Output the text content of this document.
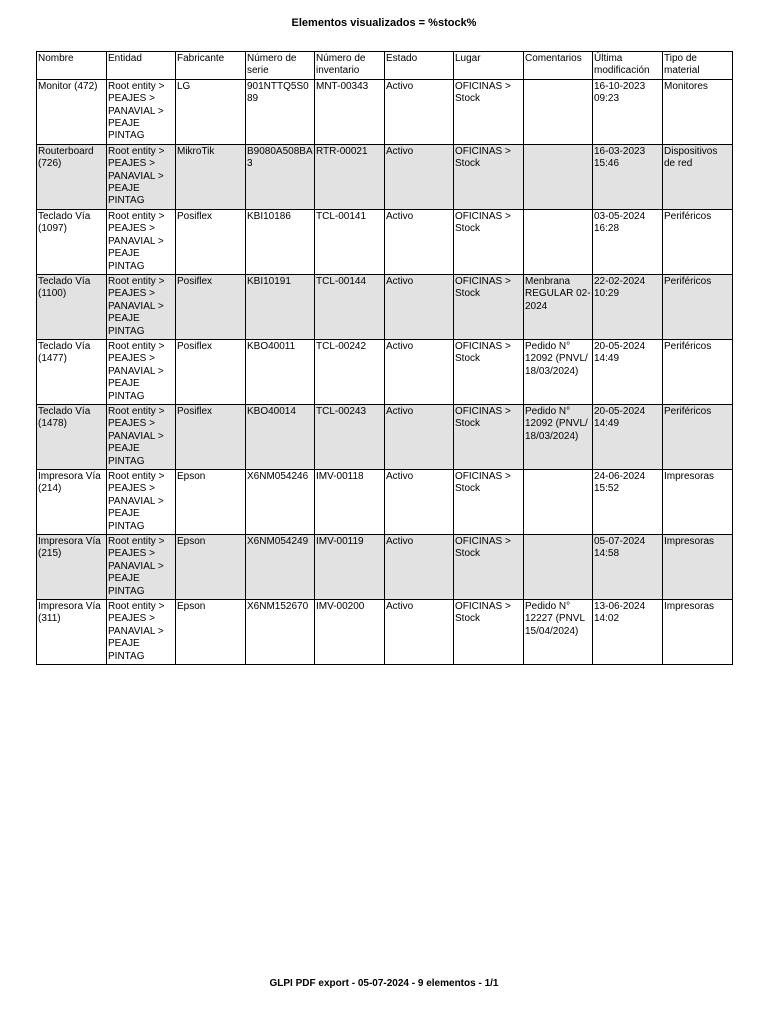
Elementos visualizados = %stock%
Nombre	Entidad	Fabricante	Número de serie	Número de inventario	Estado	Lugar	Comentarios	Última modificación	Tipo de material
Monitor (472)	Root entity > PEAJES > PANAVIAL > PEAJE PINTAG	LG	901NTTQ5S089	MNT-00343	Activo	OFICINAS > Stock		16-10-2023 09:23	Monitores
Routerboard (726)	Root entity > PEAJES > PANAVIAL > PEAJE PINTAG	MikroTik	B9080A508BA3	RTR-00021	Activo	OFICINAS > Stock		16-03-2023 15:46	Dispositivos de red
Teclado Vía (1097)	Root entity > PEAJES > PANAVIAL > PEAJE PINTAG	Posiflex	KBI10186	TCL-00141	Activo	OFICINAS > Stock		03-05-2024 16:28	Periféricos
Teclado Vía (1100)	Root entity > PEAJES > PANAVIAL > PEAJE PINTAG	Posiflex	KBI10191	TCL-00144	Activo	OFICINAS > Stock	Menbrana REGULAR 02-2024	22-02-2024 10:29	Periféricos
Teclado Vía (1477)	Root entity > PEAJES > PANAVIAL > PEAJE PINTAG	Posiflex	KBO40011	TCL-00242	Activo	OFICINAS > Stock	Pedido N° 12092 (PNVL/ 18/03/2024)	20-05-2024 14:49	Periféricos
Teclado Vía (1478)	Root entity > PEAJES > PANAVIAL > PEAJE PINTAG	Posiflex	KBO40014	TCL-00243	Activo	OFICINAS > Stock	Pedido N° 12092 (PNVL/ 18/03/2024)	20-05-2024 14:49	Periféricos
Impresora Vía (214)	Root entity > PEAJES > PANAVIAL > PEAJE PINTAG	Epson	X6NM054246	IMV-00118	Activo	OFICINAS > Stock		24-06-2024 15:52	Impresoras
Impresora Vía (215)	Root entity > PEAJES > PANAVIAL > PEAJE PINTAG	Epson	X6NM054249	IMV-00119	Activo	OFICINAS > Stock		05-07-2024 14:58	Impresoras
Impresora Vía (311)	Root entity > PEAJES > PANAVIAL > PEAJE PINTAG	Epson	X6NM152670	IMV-00200	Activo	OFICINAS > Stock	Pedido N° 12227 (PNVL 15/04/2024)	13-06-2024 14:02	Impresoras
GLPI PDF export - 05-07-2024 - 9 elementos - 1/1
